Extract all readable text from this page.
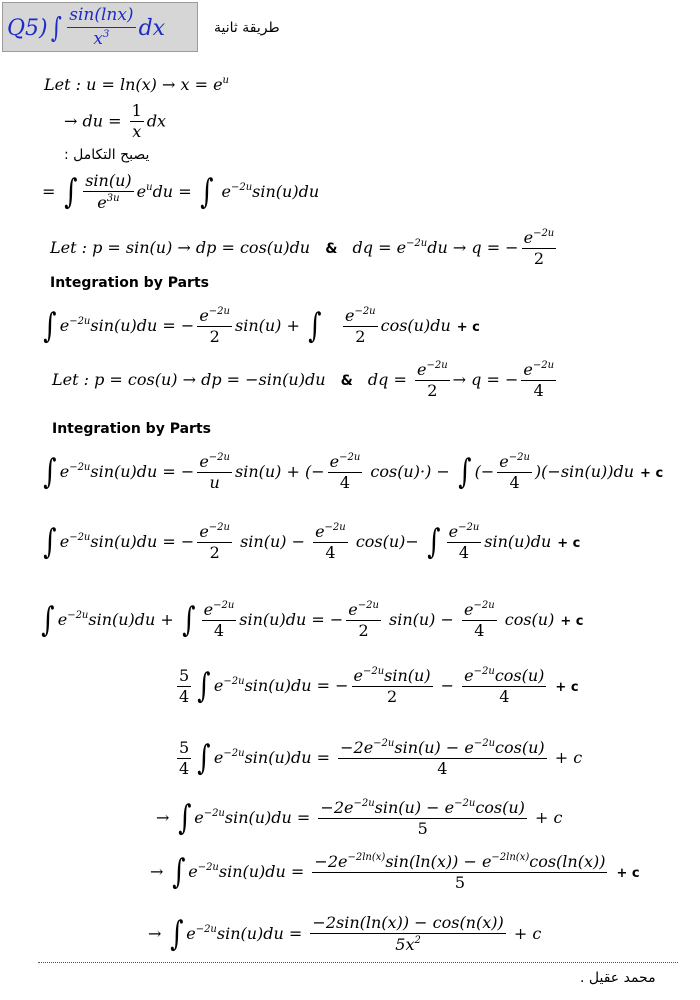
Q5) ∫ $\frac{\sin(\ln x)}{x^3}$ dx	طريقة ثانية
Let : $u = \ln(x) \to x = e^u$
→ du = $\frac{1}{x}$ dx
يصبح التكامل :
= ∫ $\frac{\sin(u)}{e^{3u}} e^udu$ = ∫ $e^{-2u}\sin(u)du$
Let : p = sin(u) → dp = cos(u)du & dq = $e^{-2u}du \to q$ = − $\frac{e^{-2u}}{2}$
Integration by Parts
∫ $e^{-2u}\sin(u)du$ = − $\frac{e^{-2u}}{2} \sin(u)$ + ∫ $\frac{e^{-2u}}{2} \cos(u)du + c$
Let : p = cos(u) → dp = −sin(u)du & dq = $\frac{e^{-2u}}{2} \to q$ = − $\frac{e^{-2u}}{4}$
Integration by Parts
∫ $e^{-2u}\sin(u)du$ = − $\frac{e^{-2u}}{u} \sin(u)$ + (− $\frac{e^{-2u}}{4} \cos(u)\cdot$) − ∫ (− $\frac{e^{-2u}}{4} )(-\sin(u))du + c$
∫ $e^{-2u}\sin(u)du$ = − $\frac{e^{-2u}}{2} \sin(u) - \frac{e^{-2u}}{4} \cos(u)-$ ∫ $\frac{e^{-2u}}{4} \sin(u)du + c$
∫ $e^{-2u}\sin(u)du$ + ∫ $\frac{e^{-2u}}{4} \sin(u)du$ = − $\frac{e^{-2u}}{2} \sin(u) - \frac{e^{-2u}}{4} \cos(u) + c$
$\frac{5}{4}$ ∫ $e^{-2u}\sin(u)du$ = − $\frac{e^{-2u}\sin(u)}{2} - \frac{e^{-2u}\cos(u)}{4} + c$
$\frac{5}{4}$ ∫ $e^{-2u}\sin(u)du = \frac{-2e^{-2u}\sin(u) - e^{-2u}\cos(u)}{4} + c$
→ ∫ $e^{-2u}\sin(u)du = \frac{-2e^{-2u}\sin(u) - e^{-2u}\cos(u)}{5} + c$
→ ∫ $e^{-2u}\sin(u)du = \frac{-2e^{-2ln(x)}\sin(\ln(x)) - e^{-2ln(x)}\cos(\ln(x))}{5} + c$
→ ∫ $e^{-2u}\sin(u)du = \frac{-2\sin(\ln(x)) - \cos(n(x))}{5x^2} + c$
محمد عقيل .
